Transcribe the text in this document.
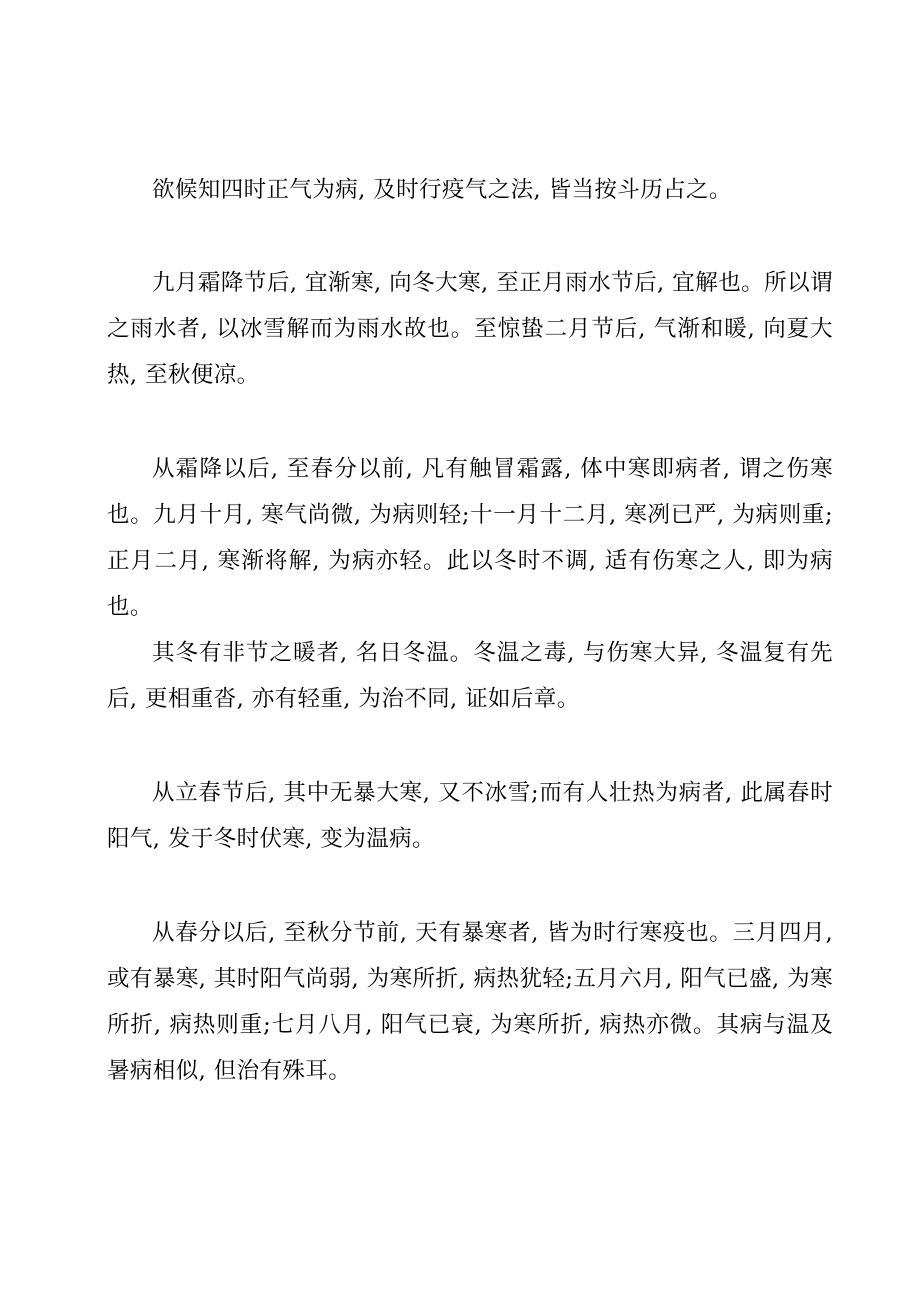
欲候知四时正气为病, 及时行疫气之法, 皆当按斗历占之。

九月霜降节后, 宜渐寒, 向冬大寒, 至正月雨水节后, 宜解也。所以谓之雨水者, 以冰雪解而为雨水故也。至惊蛰二月节后, 气渐和暖, 向夏大热, 至秋便凉。

从霜降以后, 至春分以前, 凡有触冒霜露, 体中寒即病者, 谓之伤寒也。九月十月, 寒气尚微, 为病则轻;十一月十二月, 寒冽已严, 为病则重;正月二月, 寒渐将解, 为病亦轻。此以冬时不调, 适有伤寒之人, 即为病也。

其冬有非节之暖者, 名日冬温。冬温之毒, 与伤寒大异, 冬温复有先后, 更相重沓, 亦有轻重, 为治不同, 证如后章。

从立春节后, 其中无暴大寒, 又不冰雪;而有人壮热为病者, 此属春时阳气, 发于冬时伏寒, 变为温病。

从春分以后, 至秋分节前, 天有暴寒者, 皆为时行寒疫也。三月四月, 或有暴寒, 其时阳气尚弱, 为寒所折, 病热犹轻;五月六月, 阳气已盛, 为寒所折, 病热则重;七月八月, 阳气已衰, 为寒所折, 病热亦微。其病与温及暑病相似, 但治有殊耳。
